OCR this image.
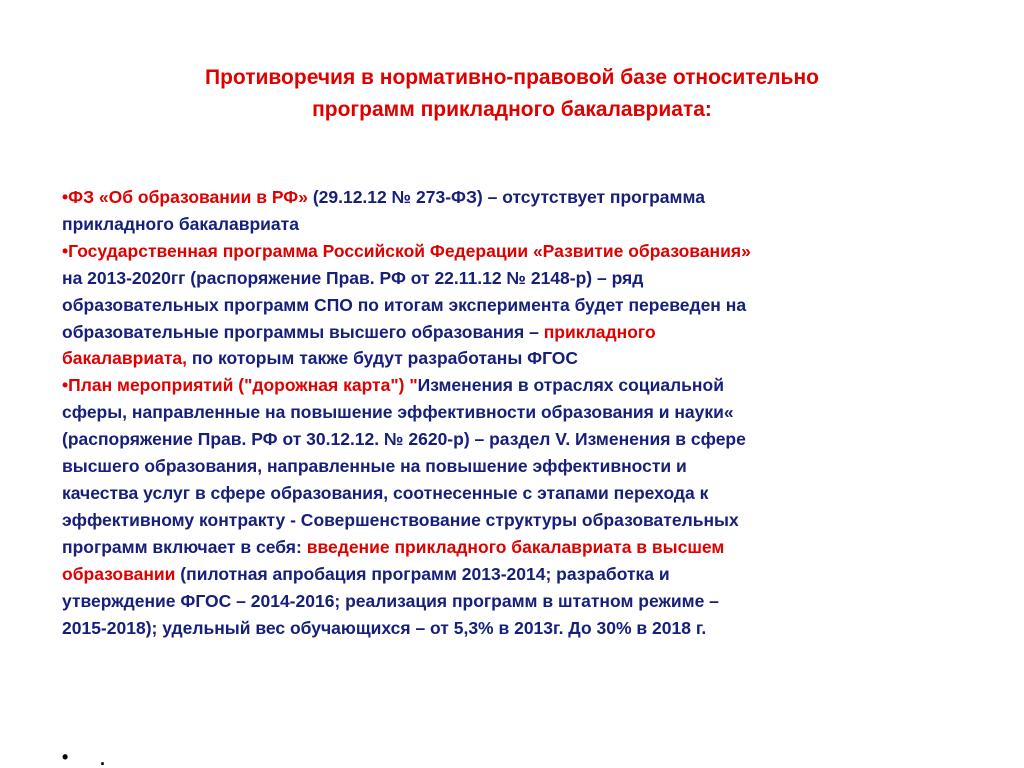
Противоречия в нормативно-правовой базе относительно
программ прикладного бакалавриата:
•ФЗ «Об образовании в РФ» (29.12.12 № 273-ФЗ) – отсутствует программа
прикладного бакалавриата
•Государственная программа Российской Федерации «Развитие образования»
на 2013-2020гг (распоряжение Прав. РФ от 22.11.12 № 2148-р) – ряд
образовательных программ СПО по итогам эксперимента будет переведен на
образовательные программы высшего образования – прикладного
бакалавриата, по которым также будут разработаны ФГОС
•План мероприятий ("дорожная карта") "Изменения в отраслях социальной
сферы, направленные на повышение эффективности образования и науки«
(распоряжение Прав. РФ от 30.12.12. № 2620-р) – раздел V. Изменения в сфере
высшего образования, направленные на повышение эффективности и
качества услуг в сфере образования, соотнесенные с этапами перехода к
эффективному контракту - Совершенствование структуры образовательных
программ включает в себя: введение прикладного бакалавриата в высшем
образовании (пилотная апробация программ 2013-2014; разработка и
утверждение ФГОС – 2014-2016; реализация программ в штатном режиме –
2015-2018); удельный вес обучающихся – от 5,3% в 2013г. До 30% в 2018 г.
• .
